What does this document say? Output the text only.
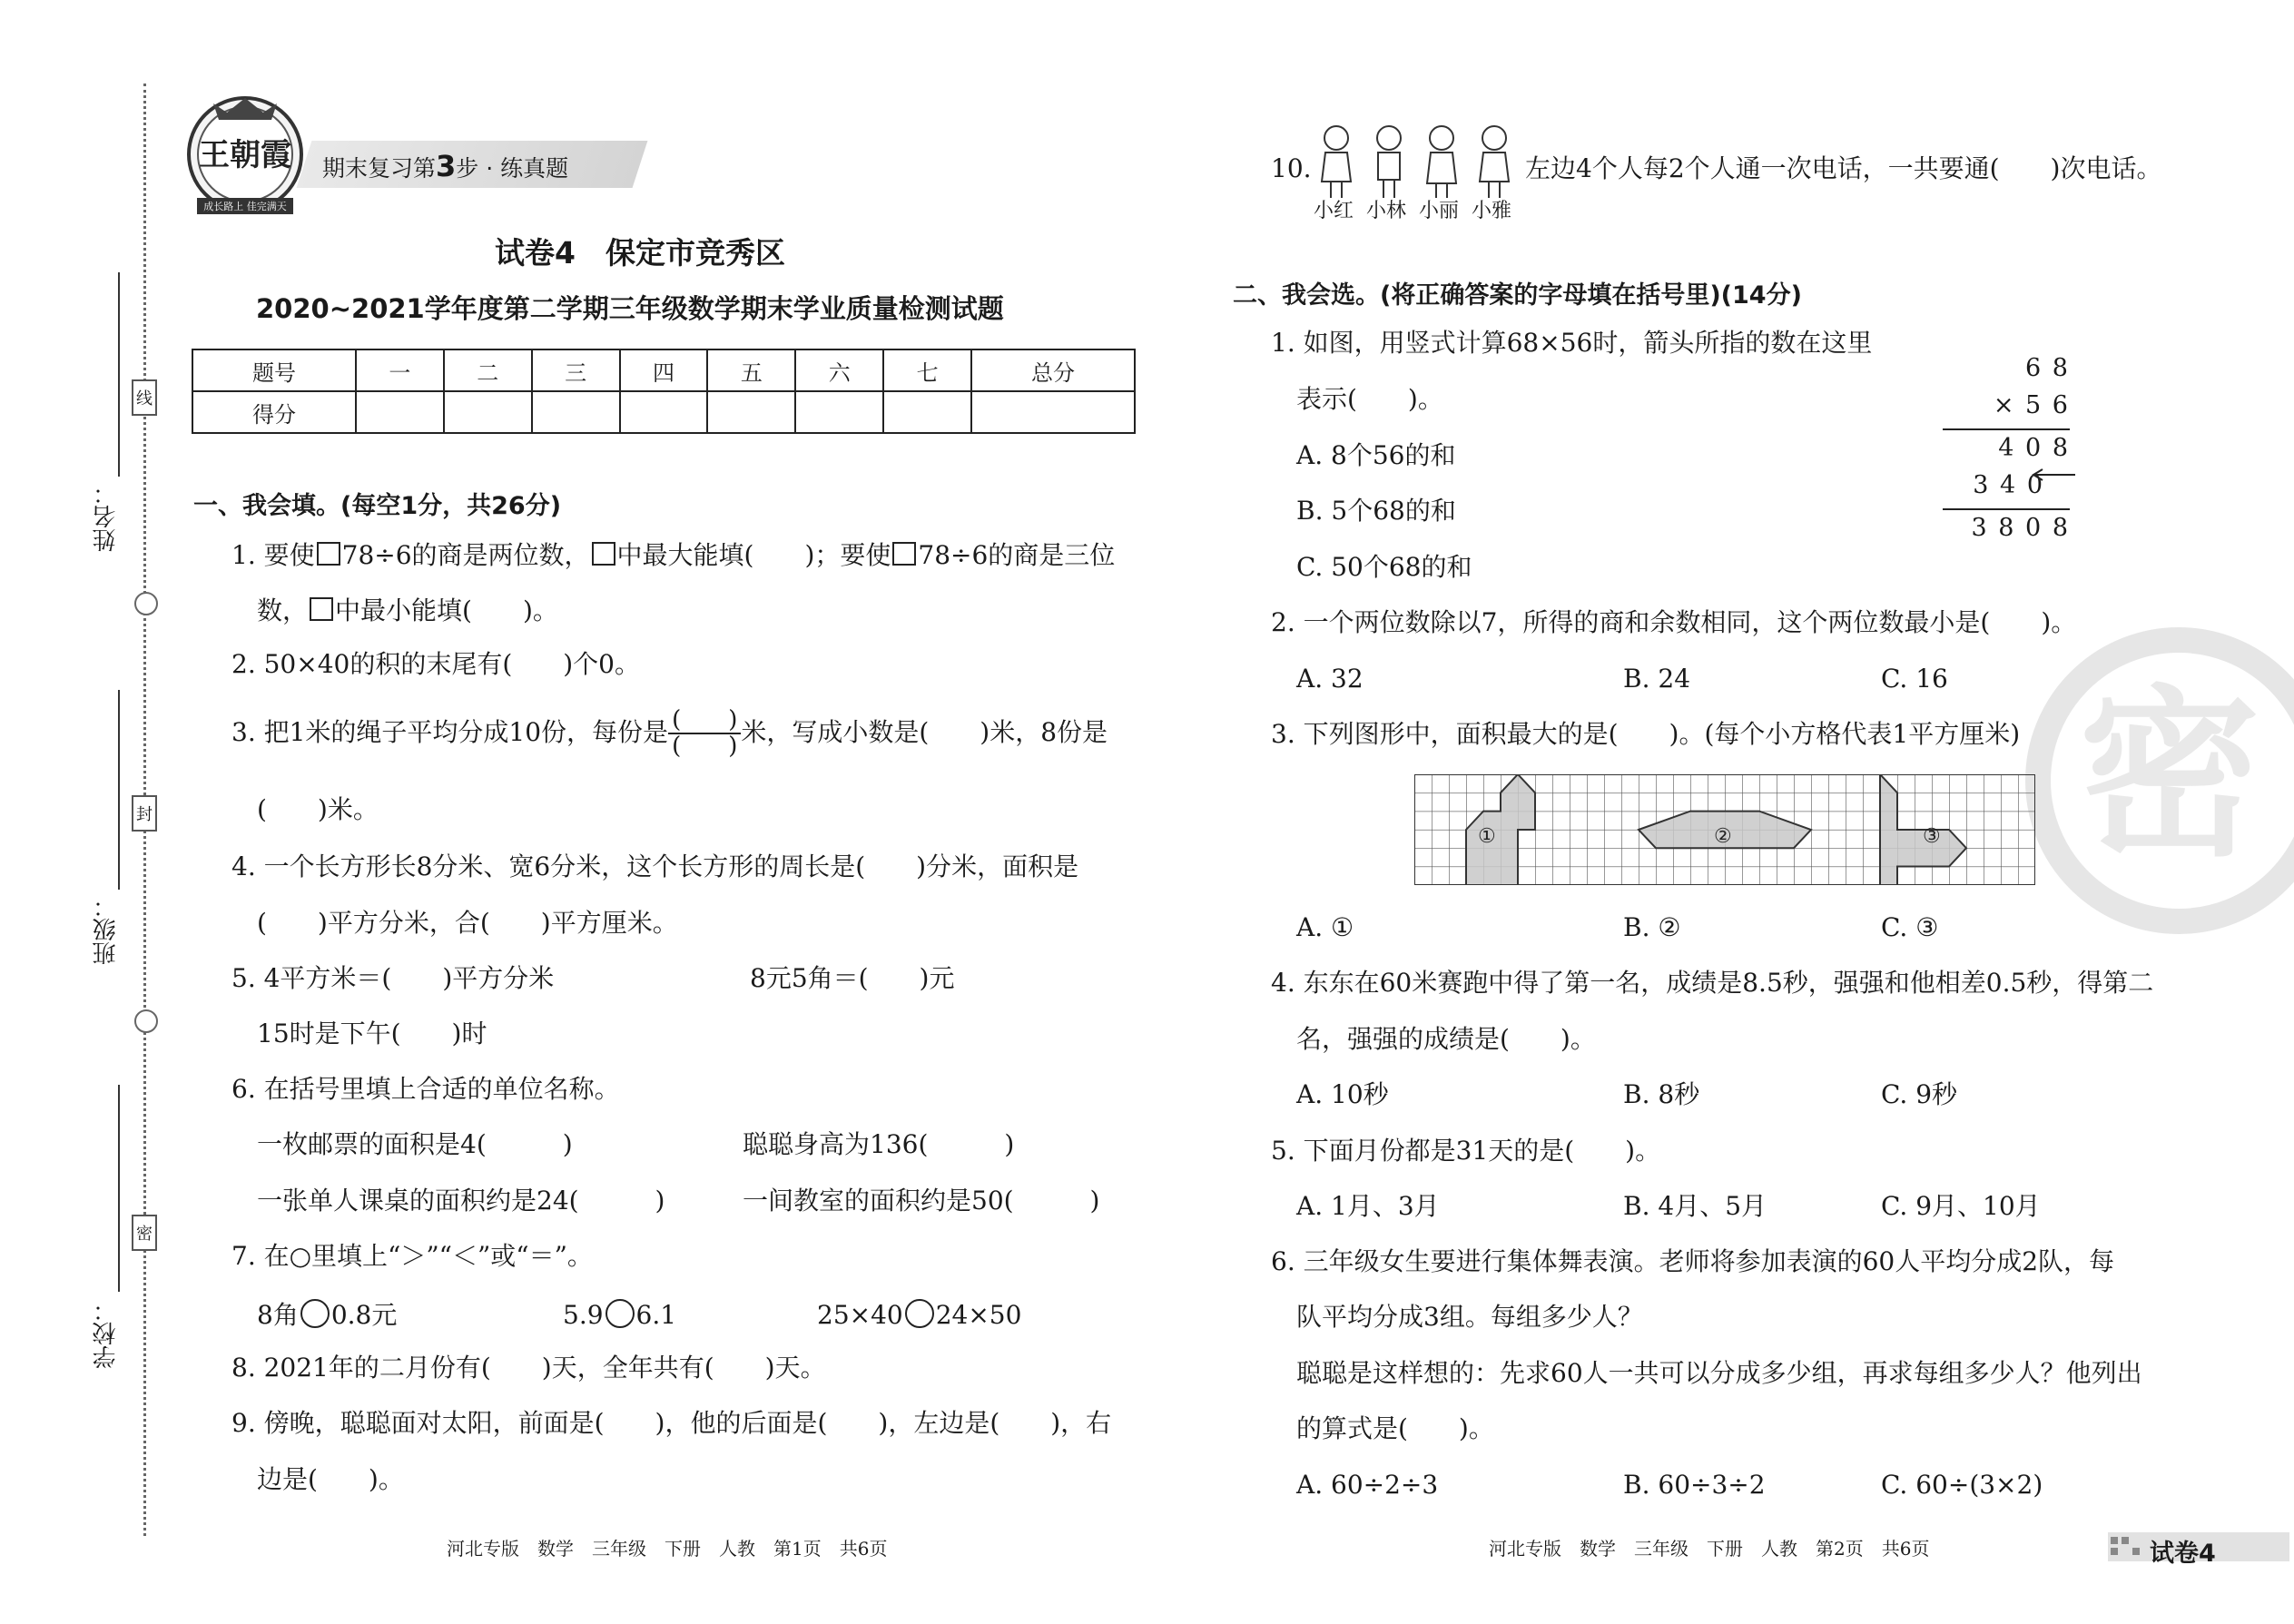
线
封
密
姓名：
班级：
学校：
王朝霞
成长路上 佳完满天
期末复习第3步 · 练真题
试卷4　保定市竞秀区
2020~2021学年度第二学期三年级数学期末学业质量检测试题
题号	一	二	三	四	五	六	七	总分
得分								
一、我会填。(每空1分，共26分)
1. 要使 78÷6的商是两位数， 中最大能填(　　)；要使 78÷6的商是三位
数， 中最小能填(　　)。
2. 50×40的积的末尾有(　　)个0。
3. 把1米的绳子平均分成10份，每份是 $\frac{( )}{( )}$ 米，写成小数是(　　)米，8份是
(　　)米。
4. 一个长方形长8分米、宽6分米，这个长方形的周长是(　　)分米，面积是
(　　)平方分米，合(　　)平方厘米。
5. 4平方米＝(　　)平方分米	8元5角＝(　　)元
15时是下午(　　)时
6. 在括号里填上合适的单位名称。
一枚邮票的面积是4(　　　)	聪聪身高为136(　　　)
一张单人课桌的面积约是24(　　　)	一间教室的面积约是50(　　　)
7. 在○里填上“＞”“＜”或“＝”。
8角 0.8元	5.9 6.1	25×40 24×50
8. 2021年的二月份有(　　)天，全年共有(　　)天。
9. 傍晚，聪聪面对太阳，前面是(　　)，他的后面是(　　)，左边是(　　)，右
边是(　　)。
河北专版　数学　三年级　下册　人教　第1页　共6页
密
10.
小红 小林 小丽 小雅
左边4个人每2个人通一次电话，一共要通(　　)次电话。
二、我会选。(将正确答案的字母填在括号里)(14分)
1. 如图，用竖式计算68×56时，箭头所指的数在这里
表示(　　)。
A. 8个56的和
B. 5个68的和
C. 50个68的和
6 8
× 5 6
4 0 8
3 4 0
3 8 0 8
2. 一个两位数除以7，所得的商和余数相同，这个两位数最小是(　　)。
A. 32	B. 24	C. 16
3. 下列图形中，面积最大的是(　　)。(每个小方格代表1平方厘米)
①	②	③
A. ①	B. ②	C. ③
4. 东东在60米赛跑中得了第一名，成绩是8.5秒，强强和他相差0.5秒，得第二
名，强强的成绩是(　　)。
A. 10秒	B. 8秒	C. 9秒
5. 下面月份都是31天的是(　　)。
A. 1月、3月	B. 4月、5月	C. 9月、10月
6. 三年级女生要进行集体舞表演。老师将参加表演的60人平均分成2队，每
队平均分成3组。每组多少人？
聪聪是这样想的：先求60人一共可以分成多少组，再求每组多少人？他列出
的算式是(　　)。
A. 60÷2÷3	B. 60÷3÷2	C. 60÷(3×2)
河北专版　数学　三年级　下册　人教　第2页　共6页	试卷4
